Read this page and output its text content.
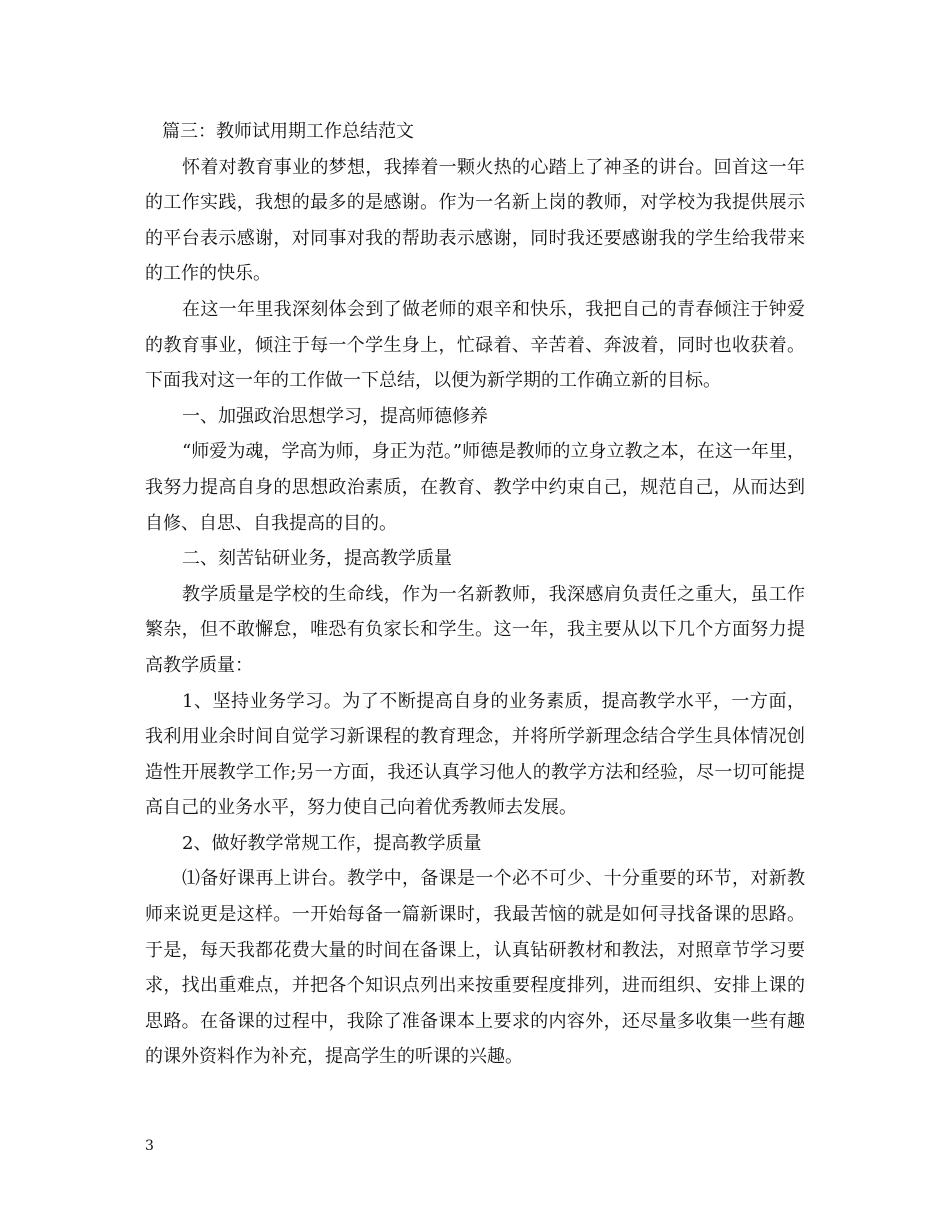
篇三：教师试用期工作总结范文

怀着对教育事业的梦想，我捧着一颗火热的心踏上了神圣的讲台。回首这一年的工作实践，我想的最多的是感谢。作为一名新上岗的教师，对学校为我提供展示的平台表示感谢，对同事对我的帮助表示感谢，同时我还要感谢我的学生给我带来的工作的快乐。

在这一年里我深刻体会到了做老师的艰辛和快乐，我把自己的青春倾注于钟爱的教育事业，倾注于每一个学生身上，忙碌着、辛苦着、奔波着，同时也收获着。下面我对这一年的工作做一下总结，以便为新学期的工作确立新的目标。

一、加强政治思想学习，提高师德修养

“师爱为魂，学高为师，身正为范。”师德是教师的立身立教之本，在这一年里，我努力提高自身的思想政治素质，在教育、教学中约束自己，规范自己，从而达到自修、自思、自我提高的目的。

二、刻苦钻研业务，提高教学质量

教学质量是学校的生命线，作为一名新教师，我深感肩负责任之重大，虽工作繁杂，但不敢懈怠，唯恐有负家长和学生。这一年，我主要从以下几个方面努力提高教学质量：

1、坚持业务学习。为了不断提高自身的业务素质，提高教学水平，一方面，我利用业余时间自觉学习新课程的教育理念，并将所学新理念结合学生具体情况创造性开展教学工作;另一方面，我还认真学习他人的教学方法和经验，尽一切可能提高自己的业务水平，努力使自己向着优秀教师去发展。

2、做好教学常规工作，提高教学质量

⑴备好课再上讲台。教学中，备课是一个必不可少、十分重要的环节，对新教师来说更是这样。一开始每备一篇新课时，我最苦恼的就是如何寻找备课的思路。于是，每天我都花费大量的时间在备课上，认真钻研教材和教法，对照章节学习要求，找出重难点，并把各个知识点列出来按重要程度排列，进而组织、安排上课的思路。在备课的过程中，我除了准备课本上要求的内容外，还尽量多收集一些有趣的课外资料作为补充，提高学生的听课的兴趣。

3
